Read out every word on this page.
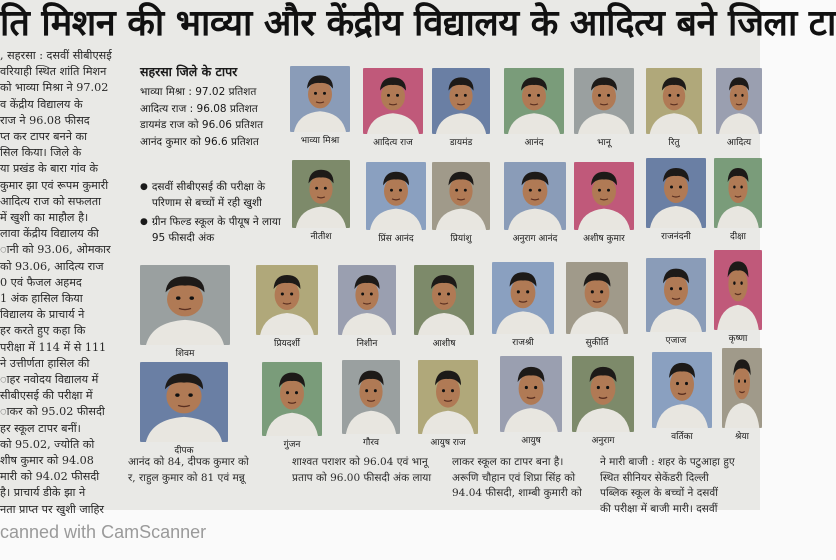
ति मिशन की भाव्या और केंद्रीय विद्यालय के आदित्य बने जिला टा

, सहरसा : दसवीं सीबीएसई

वरियाही स्थित शांति मिशन

को भाव्या मिश्रा ने 97.02

व केंद्रीय विद्यालय के

राज ने 96.08 फीसद

प्त कर टापर बनने का

सिल किया। जिले के

या प्रखंड के बारा गांव के

कुमार झा एवं रूपम कुमारी

आदित्य राज को सफलता

में खुशी का माहौल है।

लावा केंद्रीय विद्यालय की

ानी को 93.06, ओमकार

को 93.06, आदित्य राज

0 एवं फैजल अहमद

1 अंक हासिल किया

विद्यालय के प्राचार्य ने

हर करते हुए कहा कि

परीक्षा में 114 में से 111

ने उत्तीर्णता हासिल की

ाहर नवोदय विद्यालय में

सीबीएसई की परीक्षा में

ाकर को 95.02 फीसदी

हर स्कूल टापर बनीं।

को 95.02, ज्योति को

शीष कुमार को 94.08

मारी को 94.02 फीसदी

है। प्राचार्य डीके झा ने

नता प्राप्त पर खुशी जाहिर

सहरसा जिले के टापर
भाव्या मिश्रा : 97.02 प्रतिशत
आदित्य राज : 96.08 प्रतिशत
डायमंड राज को 96.06 प्रतिशत
आनंद कुमार को 96.6 प्रतिशत
● दसवीं सीबीएसई की परीक्षा के परिणाम से बच्चों में रही खुशी
● ग्रीन फिल्ड स्कूल के पीयूष ने लाया 95 फीसदी अंक
भाव्या मिश्रा	आदित्य राज	डायमंड	आनंद	भानू	रितु	आदित्य
नीतीश	प्रिंस आनंद	प्रियांशु	अनुराग आनंद	अशीष कुमार	राजनंदनी	दीक्षा
शिवम
प्रियदर्शी	निशीन	आशीष	राजश्री	सुकीर्ति	एजाज	कृष्णा
दीपक
गुंजन	गौरव	आयुष राज	आयुष	अनुराग	वर्तिका	श्रेया
आनंद को 84, दीपक कुमार को
र, राहुल कुमार को 81 एवं मन्नू
शाश्वत पराशर को 96.04 एवं भानू
प्रताप को 96.00 फीसदी अंक लाया
लाकर स्कूल का टापर बना है।
अरूणि चौहान एवं शिप्रा सिंह को
94.04 फीसदी, शाम्बी कुमारी को
ने मारी बाजी : शहर के पटुआहा हुए
स्थित सीनियर सेकेंडरी दिल्ली
पब्लिक स्कूल के बच्चों ने दसवीं
की परीक्षा में बाजी मारी। दसवीं
canned with CamScanner
